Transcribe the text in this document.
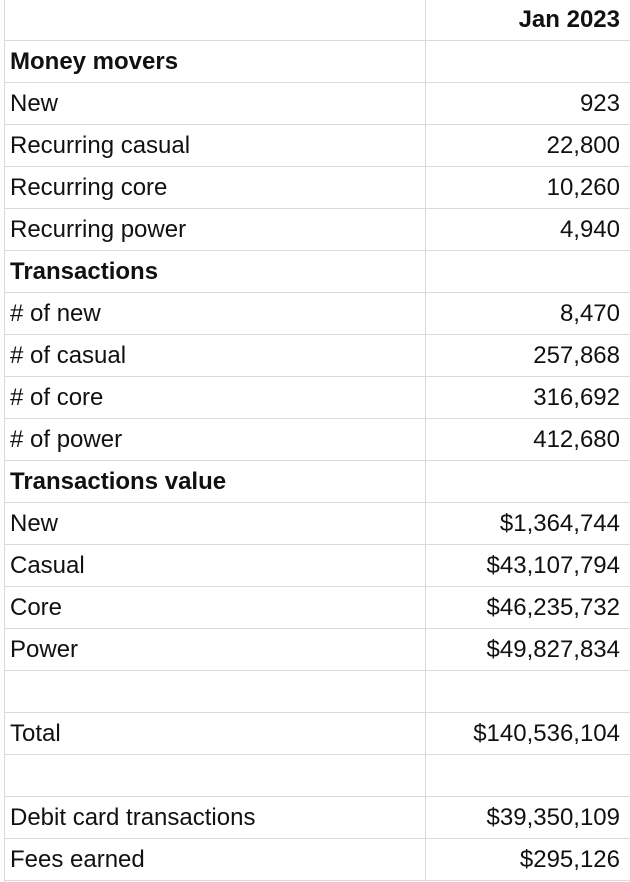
Jan 2023
Money movers
New	923
Recurring casual	22,800
Recurring core	10,260
Recurring power	4,940
Transactions
# of new	8,470
# of casual	257,868
# of core	316,692
# of power	412,680
Transactions value
New	$1,364,744
Casual	$43,107,794
Core	$46,235,732
Power	$49,827,834
Total	$140,536,104
Debit card transactions	$39,350,109
Fees earned	$295,126
